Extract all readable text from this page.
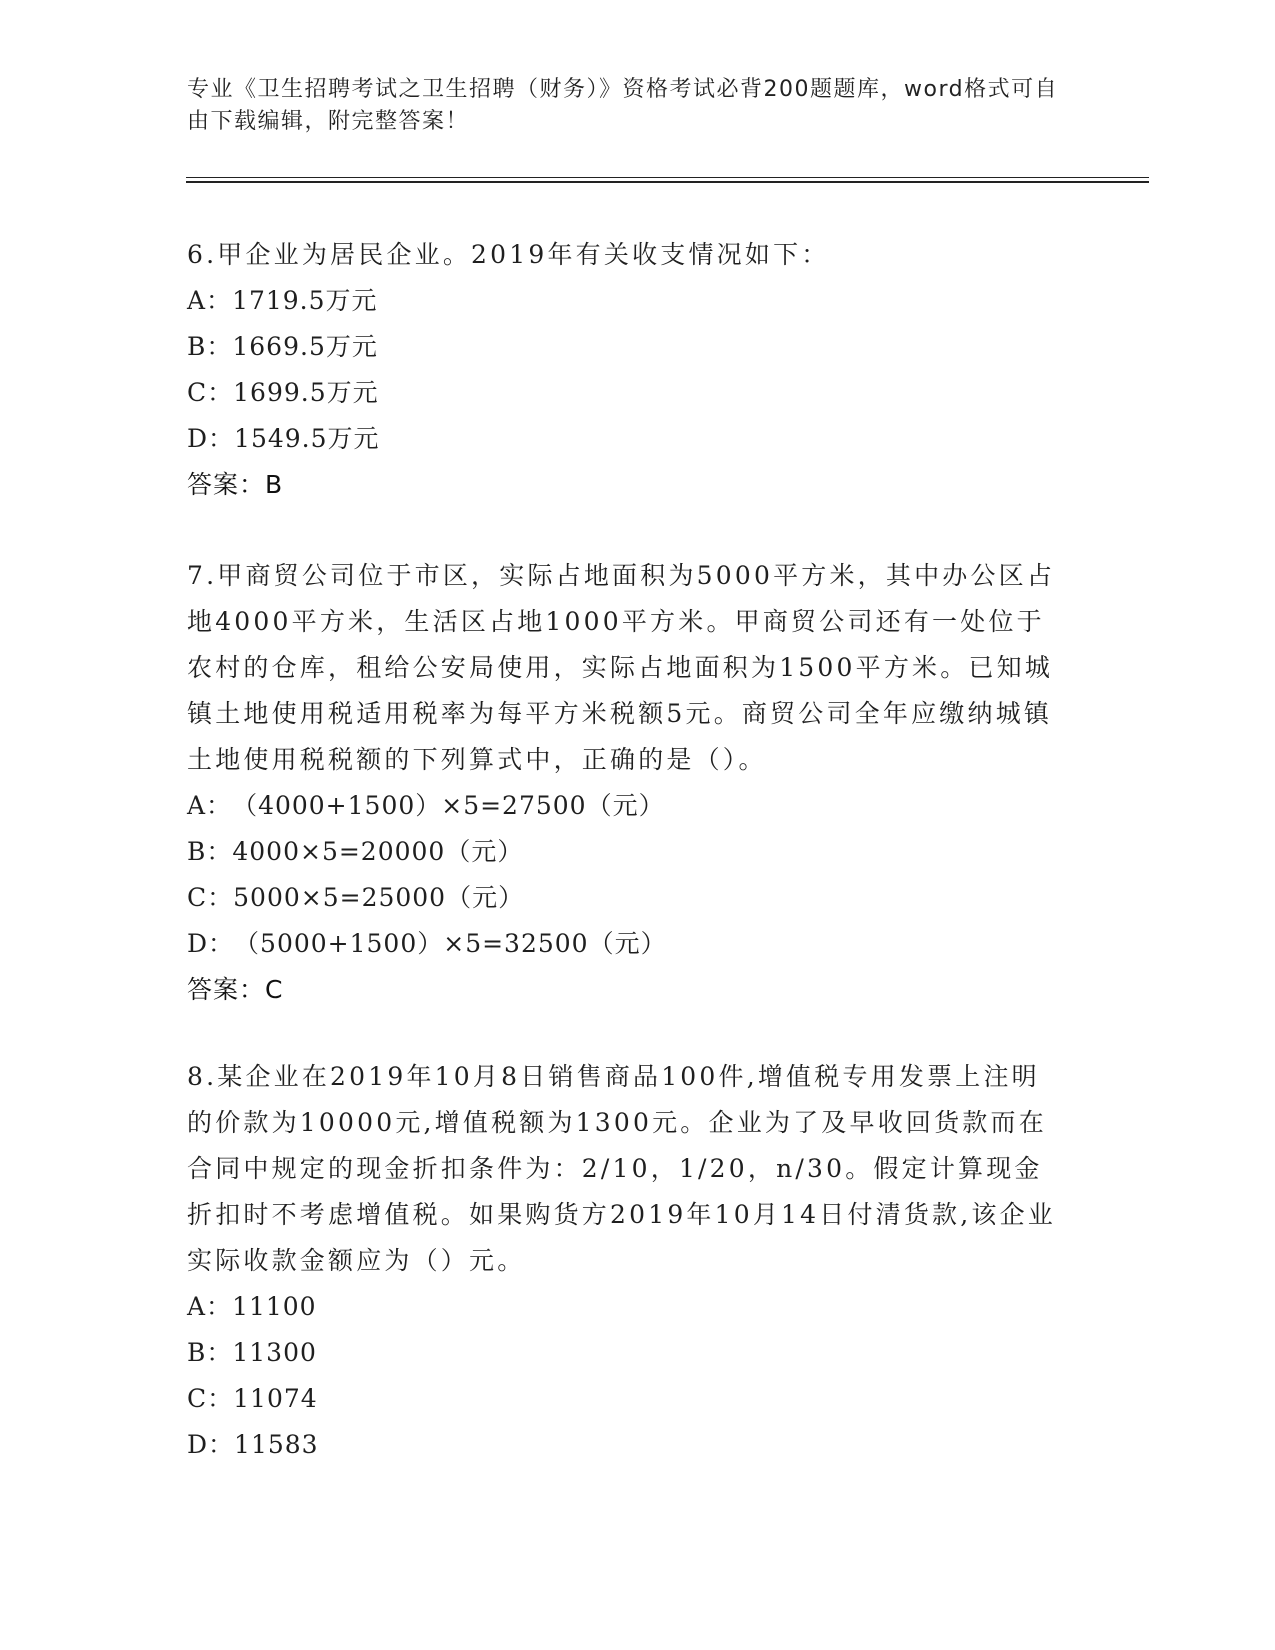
专业《卫生招聘考试之卫生招聘（财务）》资格考试必背200题题库，word格式可自由下载编辑，附完整答案！

6.甲企业为居民企业。2019年有关收支情况如下：

A：1719.5万元

B：1669.5万元

C：1699.5万元

D：1549.5万元

答案：B

7.甲商贸公司位于市区，实际占地面积为5000平方米，其中办公区占地4000平方米，生活区占地1000平方米。甲商贸公司还有一处位于农村的仓库，租给公安局使用，实际占地面积为1500平方米。已知城镇土地使用税适用税率为每平方米税额5元。商贸公司全年应缴纳城镇土地使用税税额的下列算式中，正确的是（）。

A：（4000+1500）×5=27500（元）

B：4000×5=20000（元）

C：5000×5=25000（元）

D：（5000+1500）×5=32500（元）

答案：C

8.某企业在2019年10月8日销售商品100件,增值税专用发票上注明的价款为10000元,增值税额为1300元。企业为了及早收回货款而在合同中规定的现金折扣条件为：2/10，1/20，n/30。假定计算现金折扣时不考虑增值税。如果购货方2019年10月14日付清货款,该企业实际收款金额应为（）元。

A：11100

B：11300

C：11074

D：11583
